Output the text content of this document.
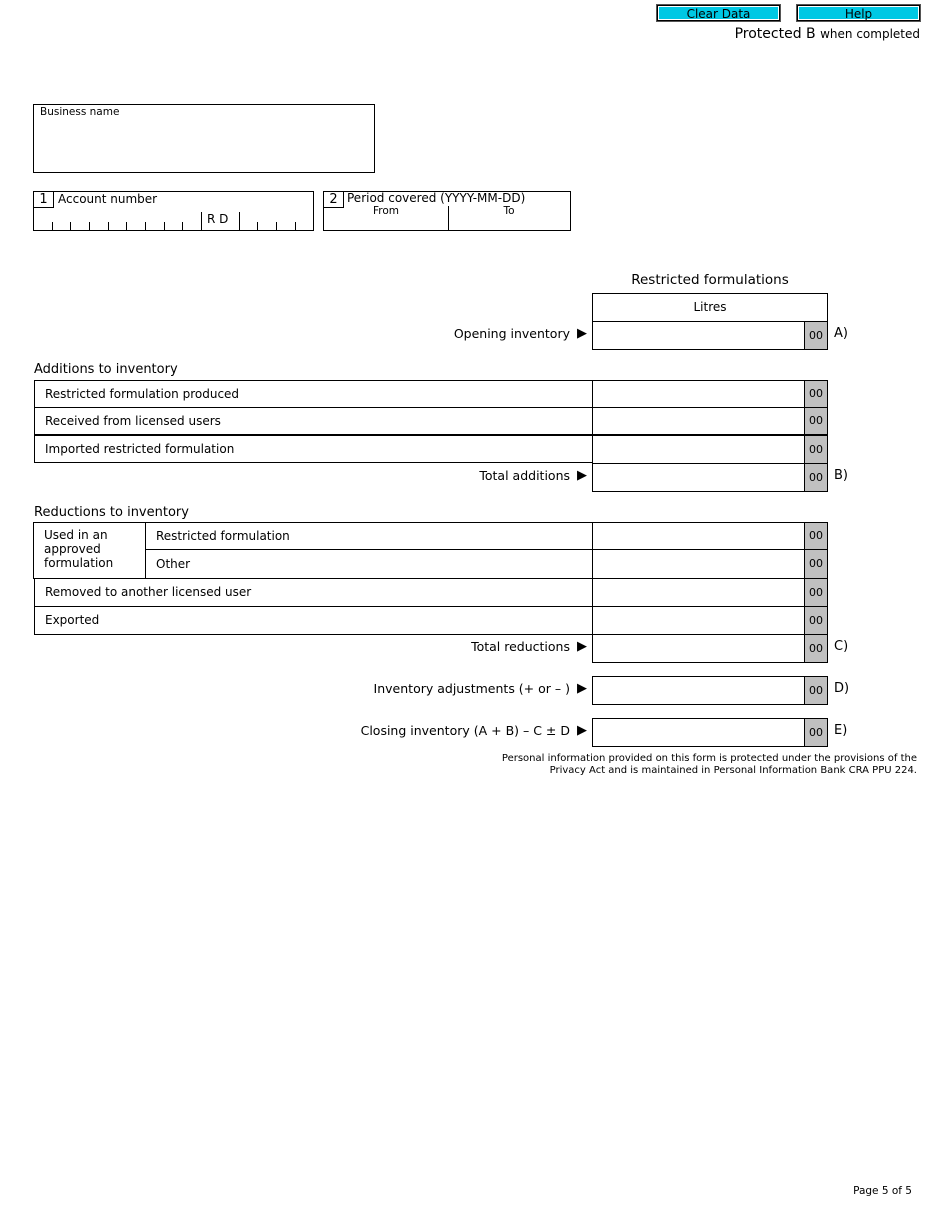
Clear Data	Help
Protected B when completed
Business name
1 Account number
R D
2 Period covered (YYYY-MM-DD)
From	To
Restricted formulations
Litres
Opening inventory ▶	00 A)
Additions to inventory
Restricted formulation produced	00
Received from licensed users	00
Imported restricted formulation	00
Total additions ▶	00 B)
Reductions to inventory
Used in an approved formulation
Restricted formulation	00
Other	00
Removed to another licensed user	00
Exported	00
Total reductions ▶	00 C)
Inventory adjustments (+ or – ) ▶	00 D)
Closing inventory (A + B) – C ± D ▶	00 E)
Personal information provided on this form is protected under the provisions of the
Privacy Act and is maintained in Personal Information Bank CRA PPU 224.
Page 5 of 5
